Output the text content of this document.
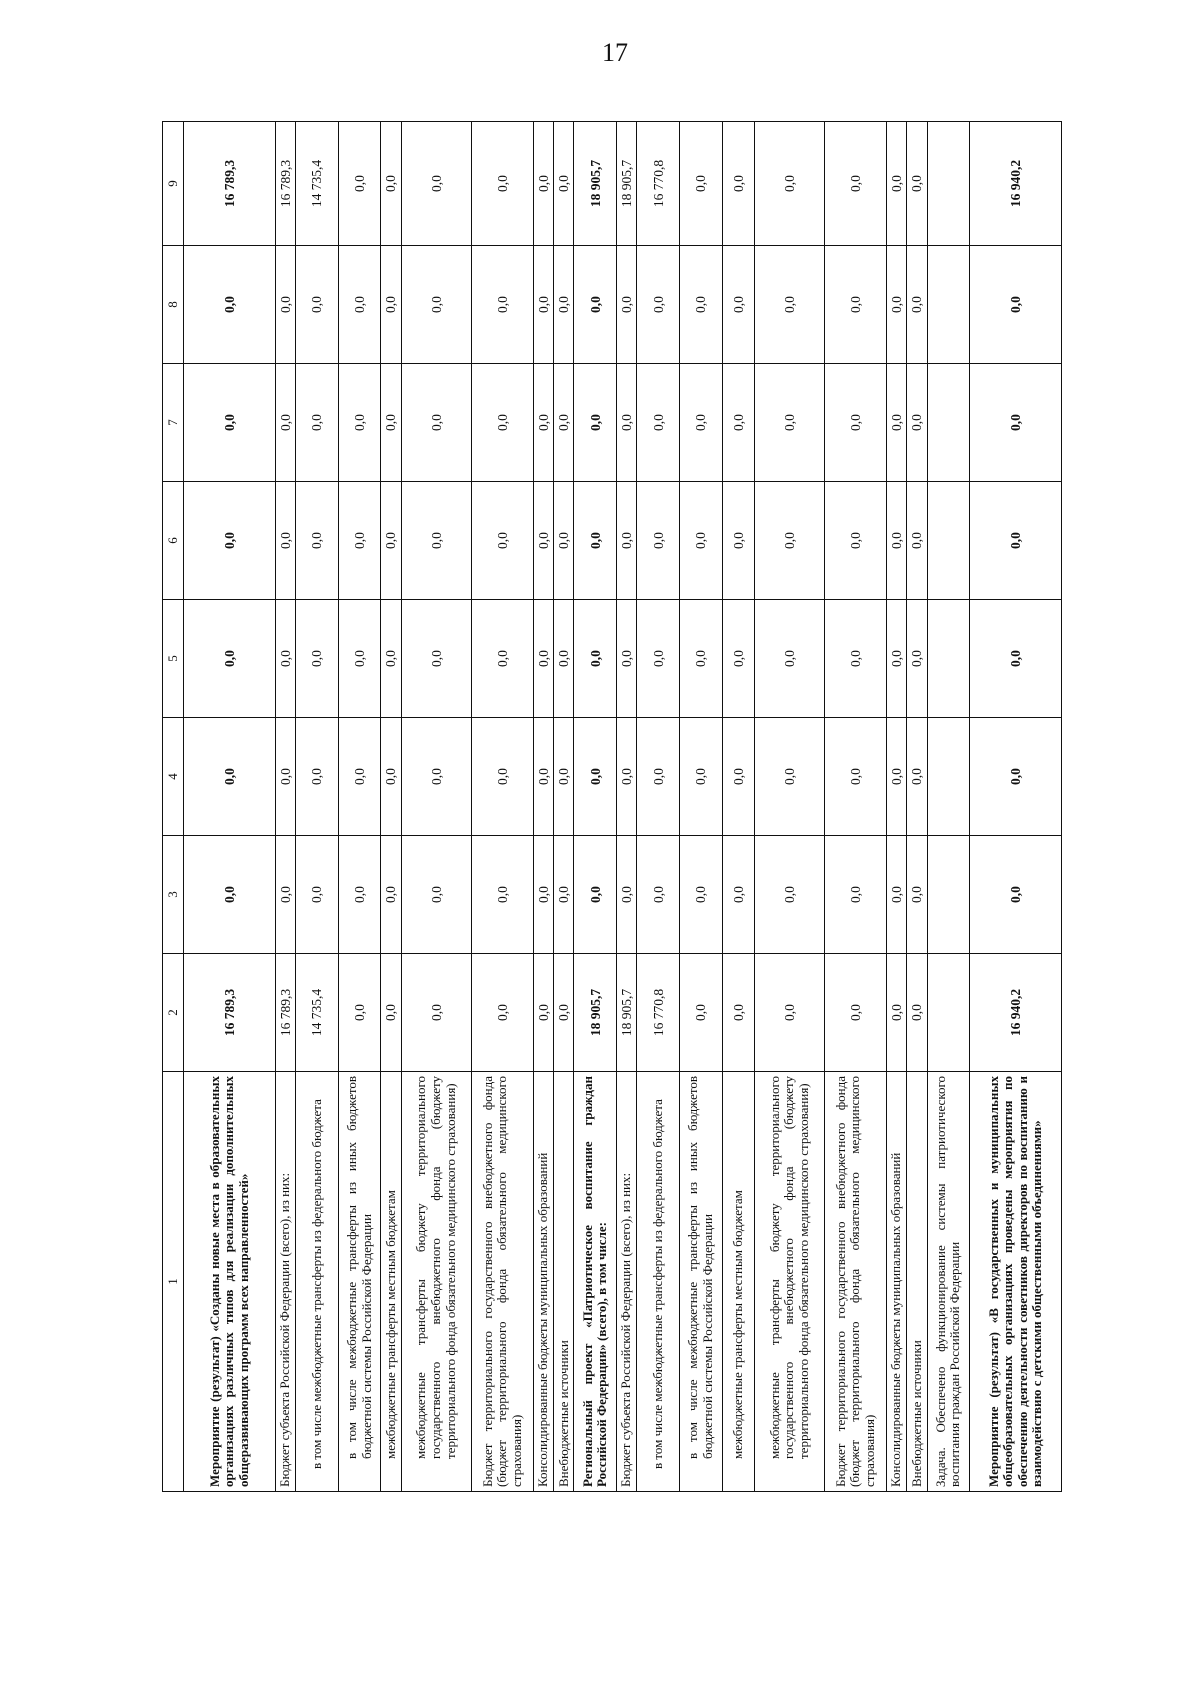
17
1	2	3	4	5	6	7	8	9
Мероприятие (результат) «Созданы новые места в образовательных организациях различных типов для реализации дополнительных общеразвивающих программ всех направленностей»	16 789,3	0,0	0,0	0,0	0,0	0,0	0,0	16 789,3
Бюджет субъекта Российской Федерации (всего), из них:	16 789,3	0,0	0,0	0,0	0,0	0,0	0,0	16 789,3
в том числе межбюджетные трансферты из федерального бюджета	14 735,4	0,0	0,0	0,0	0,0	0,0	0,0	14 735,4
в том числе межбюджетные трансферты из иных бюджетов бюджетной системы Российской Федерации	0,0	0,0	0,0	0,0	0,0	0,0	0,0	0,0
межбюджетные трансферты местным бюджетам	0,0	0,0	0,0	0,0	0,0	0,0	0,0	0,0
межбюджетные трансферты бюджету территориального государственного внебюджетного фонда (бюджету территориального фонда обязательного медицинского страхования)	0,0	0,0	0,0	0,0	0,0	0,0	0,0	0,0
Бюджет территориального государственного внебюджетного фонда (бюджет территориального фонда обязательного медицинского страхования)	0,0	0,0	0,0	0,0	0,0	0,0	0,0	0,0
Консолидированные бюджеты муниципальных образований	0,0	0,0	0,0	0,0	0,0	0,0	0,0	0,0
Внебюджетные источники	0,0	0,0	0,0	0,0	0,0	0,0	0,0	0,0
Региональный проект «Патриотическое воспитание граждан Российской Федерации» (всего), в том числе:	18 905,7	0,0	0,0	0,0	0,0	0,0	0,0	18 905,7
Бюджет субъекта Российской Федерации (всего), из них:	18 905,7	0,0	0,0	0,0	0,0	0,0	0,0	18 905,7
в том числе межбюджетные трансферты из федерального бюджета	16 770,8	0,0	0,0	0,0	0,0	0,0	0,0	16 770,8
в том числе межбюджетные трансферты из иных бюджетов бюджетной системы Российской Федерации	0,0	0,0	0,0	0,0	0,0	0,0	0,0	0,0
межбюджетные трансферты местным бюджетам	0,0	0,0	0,0	0,0	0,0	0,0	0,0	0,0
межбюджетные трансферты бюджету территориального государственного внебюджетного фонда (бюджету территориального фонда обязательного медицинского страхования)	0,0	0,0	0,0	0,0	0,0	0,0	0,0	0,0
Бюджет территориального государственного внебюджетного фонда (бюджет территориального фонда обязательного медицинского страхования)	0,0	0,0	0,0	0,0	0,0	0,0	0,0	0,0
Консолидированные бюджеты муниципальных образований	0,0	0,0	0,0	0,0	0,0	0,0	0,0	0,0
Внебюджетные источники	0,0	0,0	0,0	0,0	0,0	0,0	0,0	0,0
Задача. Обеспечено функционирование системы патриотического воспитания граждан Российской Федерации								
Мероприятие (результат) «В государственных и муниципальных общеобразовательных организациях проведены мероприятия по обеспечению деятельности советников директоров по воспитанию и взаимодействию с детскими общественными объединениями»	16 940,2	0,0	0,0	0,0	0,0	0,0	0,0	16 940,2
